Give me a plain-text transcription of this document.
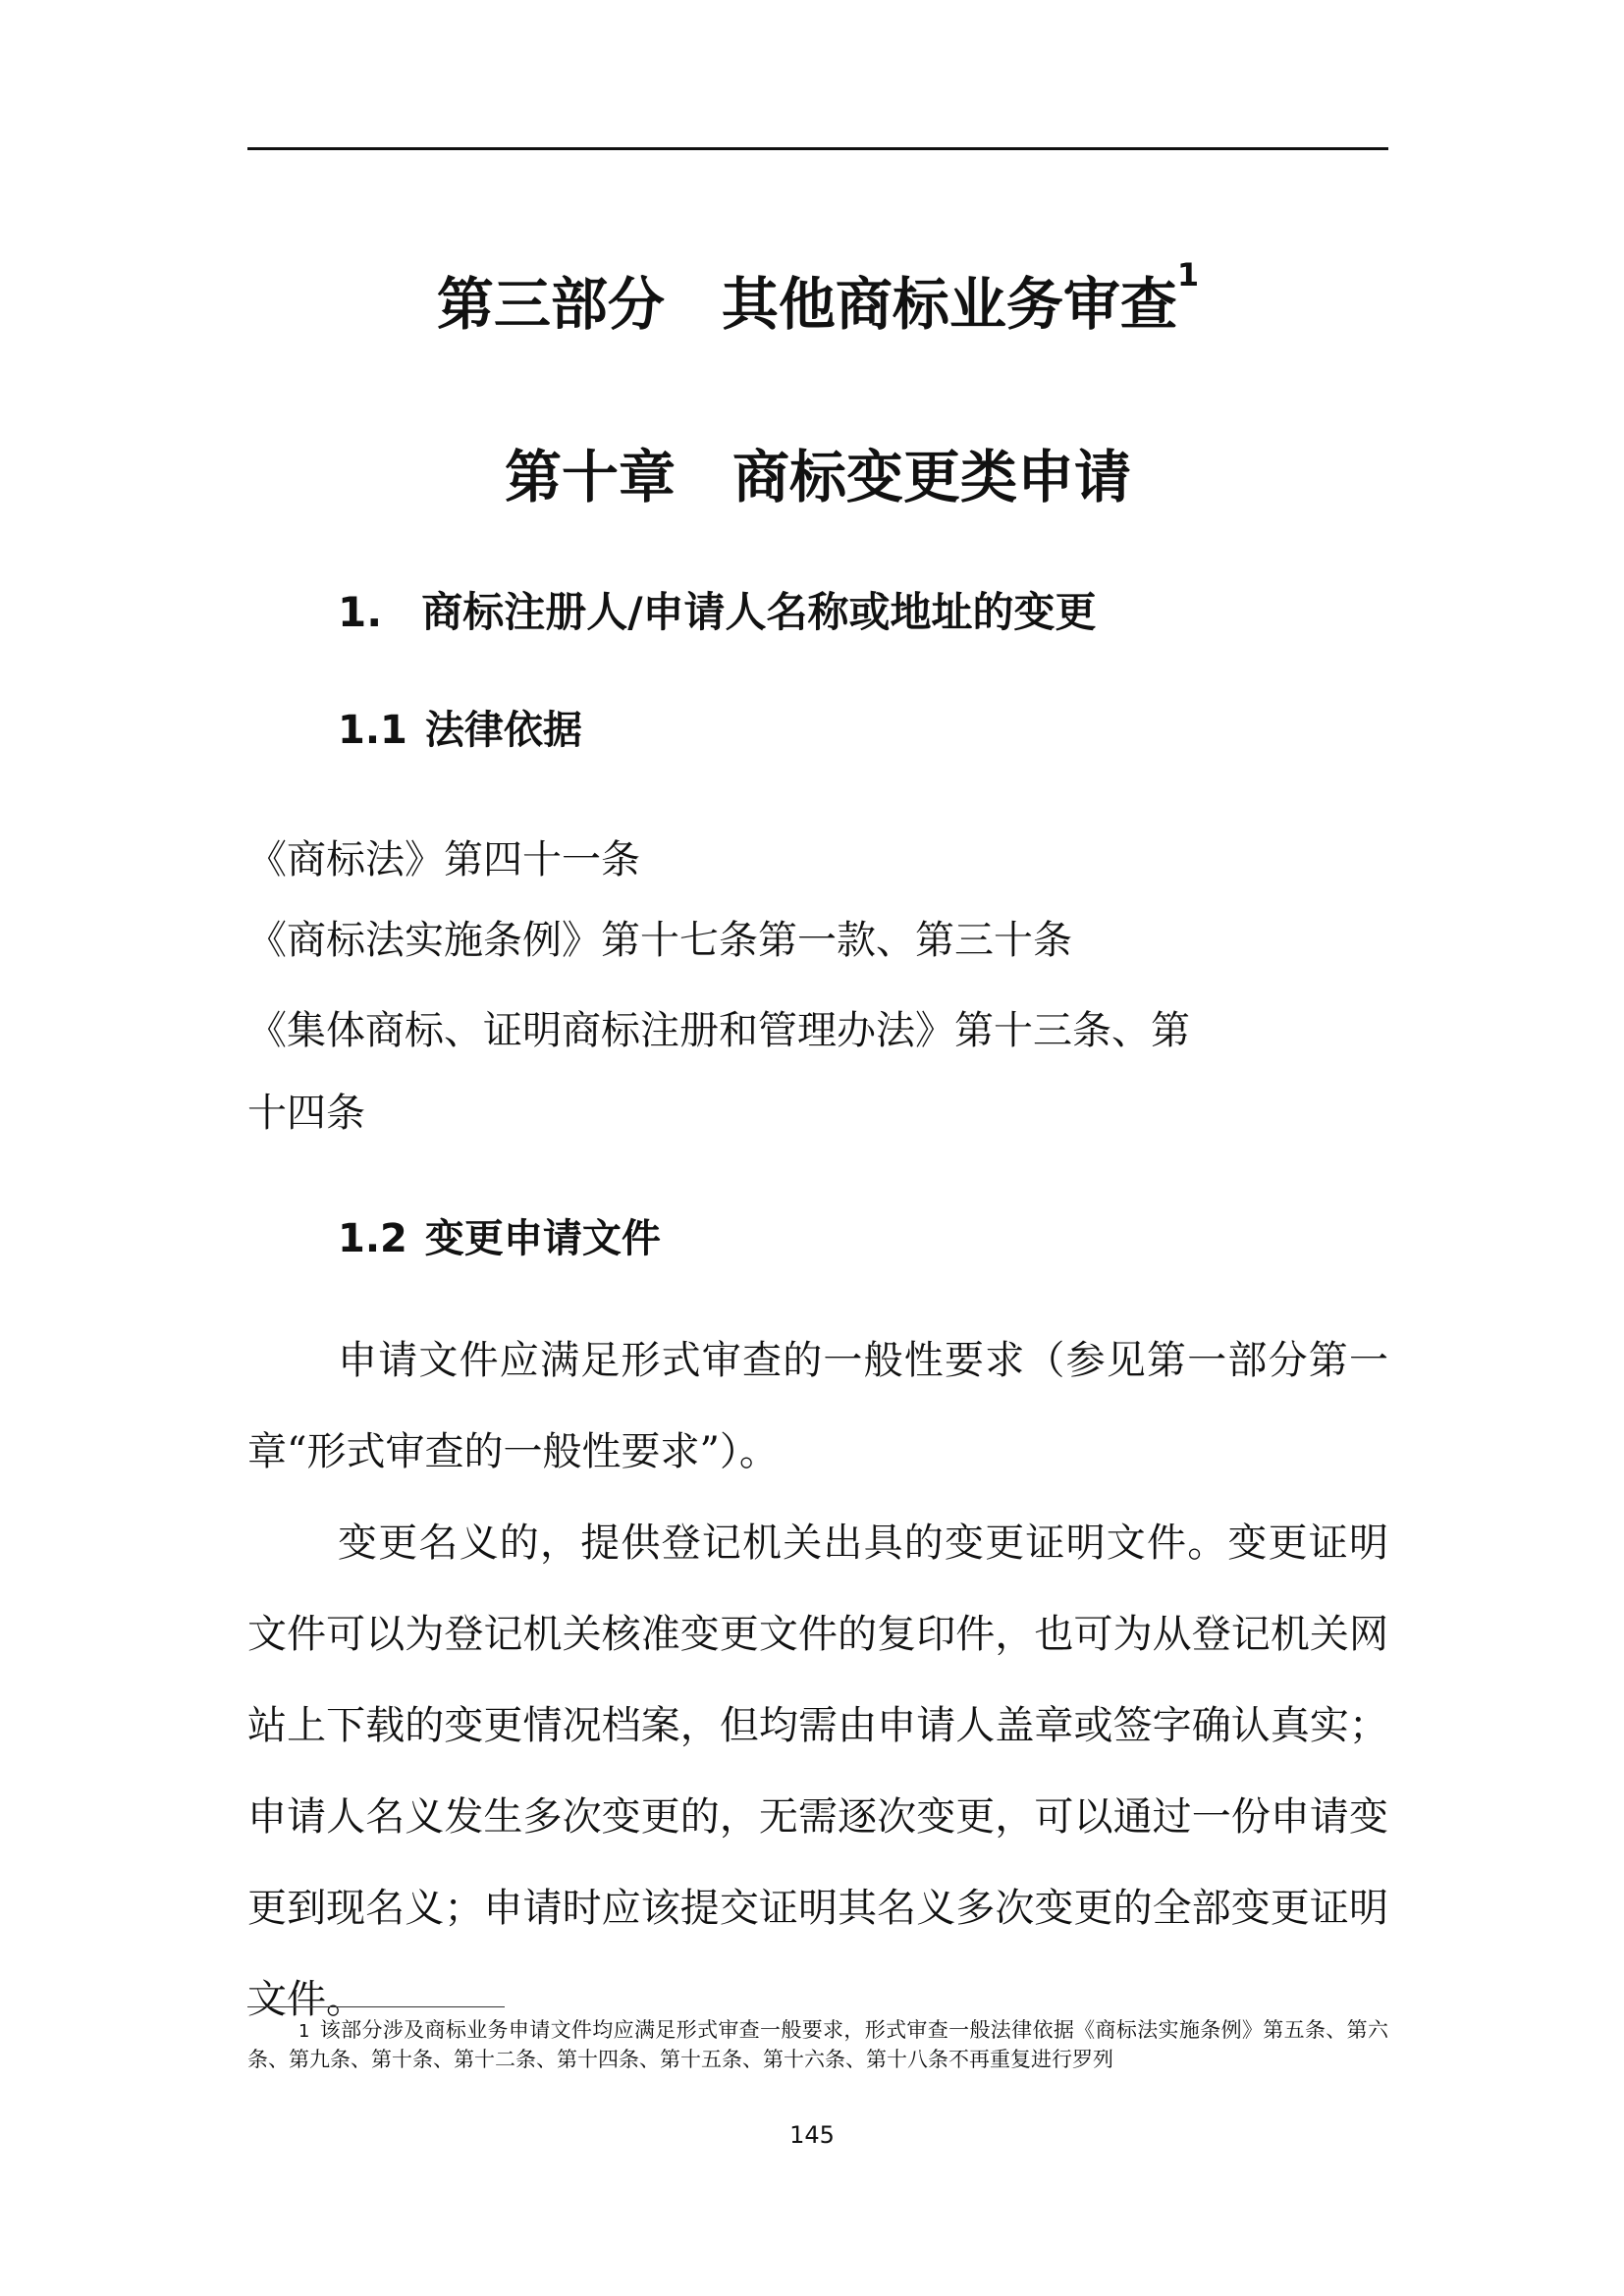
第三部分 其他商标业务审查$^1$
第十章 商标变更类申请
1. 商标注册人/申请人名称或地址的变更
1.1 法律依据

《商标法》第四十一条

《商标法实施条例》第十七条第一款、第三十条

《集体商标、证明商标注册和管理办法》第十三条、第

十四条

1.2 变更申请文件

申请文件应满足形式审查的一般性要求（参见第一部分第一章“形式审查的一般性要求”）。

变更名义的，提供登记机关出具的变更证明文件。变更证明文件可以为登记机关核准变更文件的复印件，也可为从登记机关网站上下载的变更情况档案，但均需由申请人盖章或签字确认真实；申请人名义发生多次变更的，无需逐次变更，可以通过一份申请变更到现名义；申请时应该提交证明其名义多次变更的全部变更证明文件。

1 该部分涉及商标业务申请文件均应满足形式审查一般要求，形式审查一般法律依据《商标法实施条例》第五条、第六条、第九条、第十条、第十二条、第十四条、第十五条、第十六条、第十八条不再重复进行罗列

145
